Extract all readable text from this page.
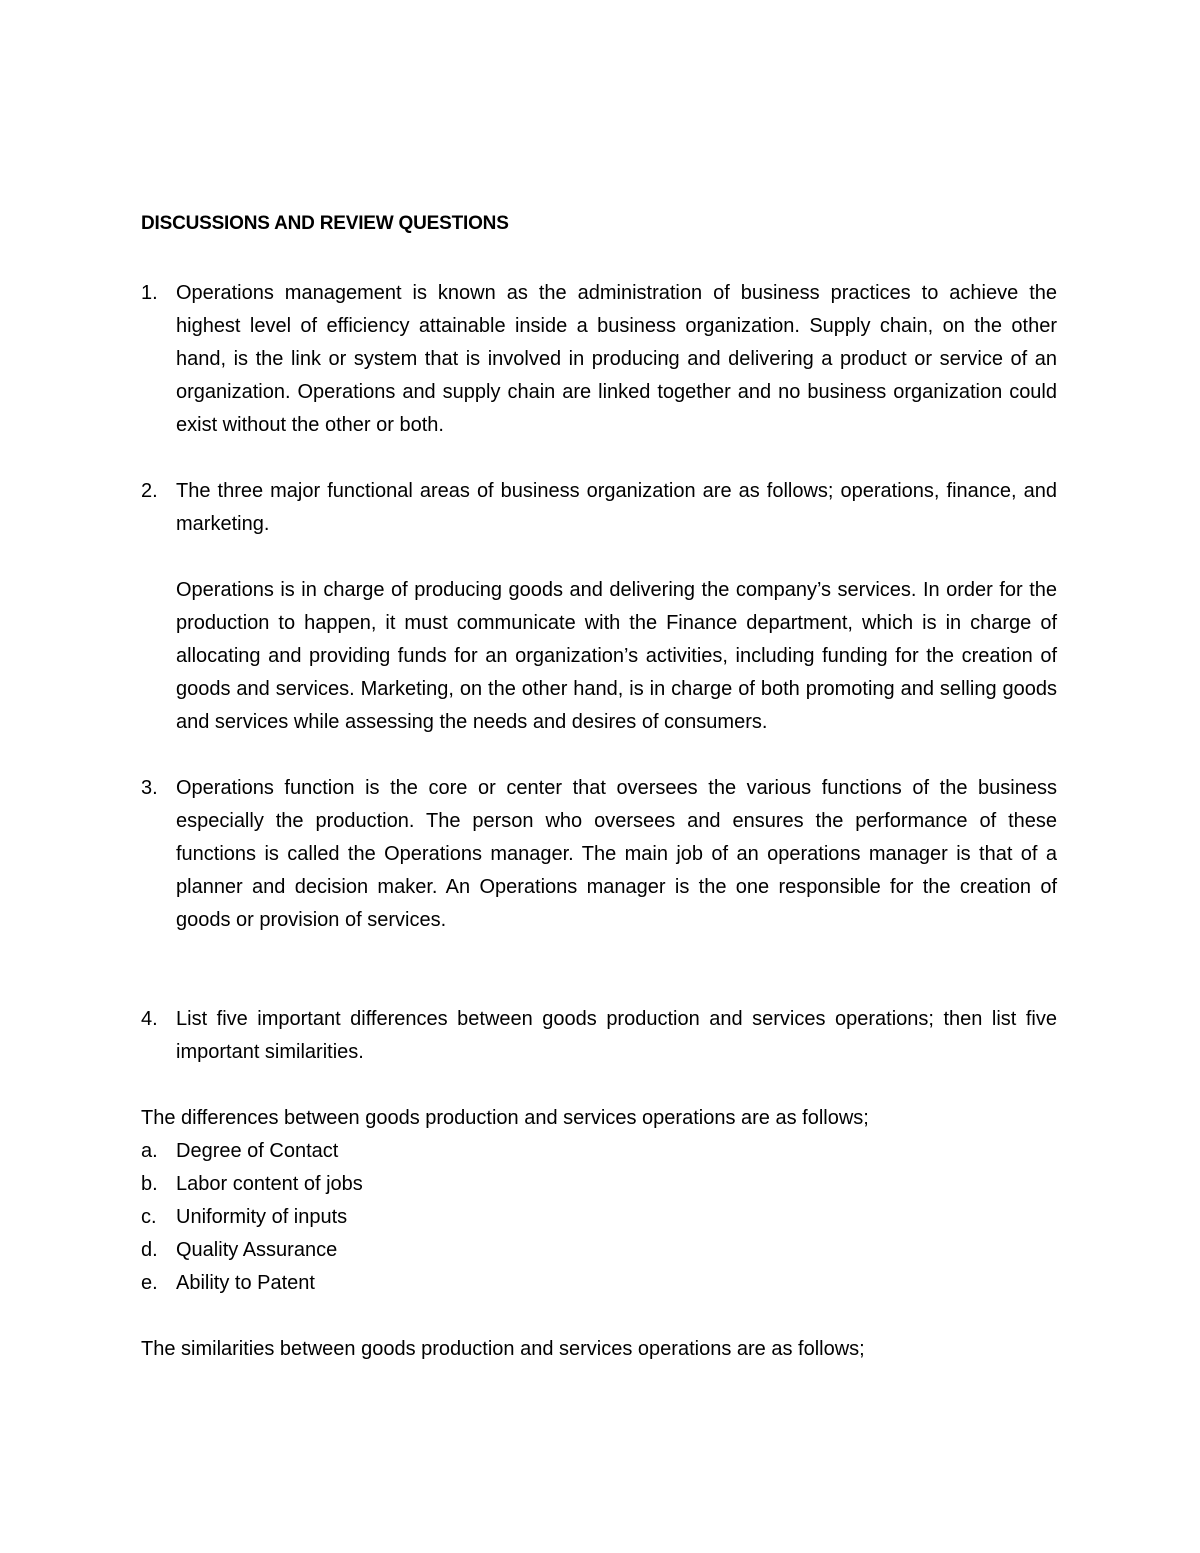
DISCUSSIONS AND REVIEW QUESTIONS
1. Operations management is known as the administration of business practices to achieve the highest level of efficiency attainable inside a business organization. Supply chain, on the other hand, is the link or system that is involved in producing and delivering a product or service of an organization. Operations and supply chain are linked together and no business organization could exist without the other or both.

2. The three major functional areas of business organization are as follows; operations, finance, and marketing.

Operations is in charge of producing goods and delivering the company’s services. In order for the production to happen, it must communicate with the Finance department, which is in charge of allocating and providing funds for an organization’s activities, including funding for the creation of goods and services. Marketing, on the other hand, is in charge of both promoting and selling goods and services while assessing the needs and desires of consumers.

3. Operations function is the core or center that oversees the various functions of the business especially the production. The person who oversees and ensures the performance of these functions is called the Operations manager. The main job of an operations manager is that of a planner and decision maker. An Operations manager is the one responsible for the creation of goods or provision of services.

4. List five important differences between goods production and services operations; then list five important similarities.

The differences between goods production and services operations are as follows;

a. Degree of Contact
b. Labor content of jobs
c. Uniformity of inputs
d. Quality Assurance
e. Ability to Patent

The similarities between goods production and services operations are as follows;
